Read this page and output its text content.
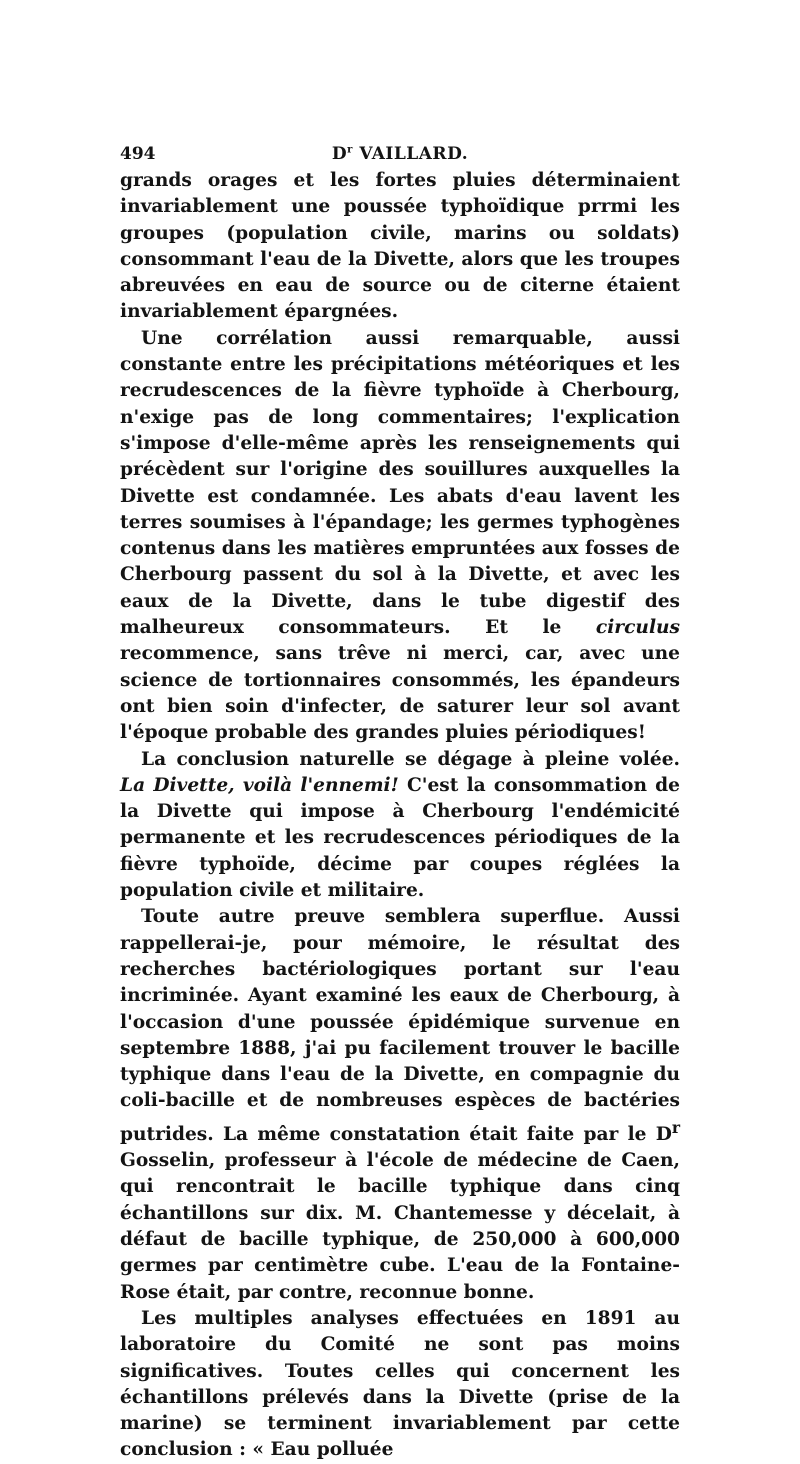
494	$D^r$ VAILLARD.

grands orages et les fortes pluies déterminaient invariablement une poussée typhoïdique prrmi les groupes (population civile, marins ou soldats) consommant l'eau de la Divette, alors que les troupes abreuvées en eau de source ou de citerne étaient invariablement épargnées.

Une corrélation aussi remarquable, aussi constante entre les précipitations météoriques et les recrudescences de la fièvre typhoïde à Cherbourg, n'exige pas de long commentaires; l'explication s'impose d'elle-même après les renseignements qui précèdent sur l'origine des souillures auxquelles la Divette est condamnée. Les abats d'eau lavent les terres soumises à l'épandage; les germes typhogènes contenus dans les matières empruntées aux fosses de Cherbourg passent du sol à la Divette, et avec les eaux de la Divette, dans le tube digestif des malheureux consommateurs. Et le circulus recommence, sans trêve ni merci, car, avec une science de tortionnaires consommés, les épandeurs ont bien soin d'infecter, de saturer leur sol avant l'époque probable des grandes pluies périodiques!

La conclusion naturelle se dégage à pleine volée. La Divette, voilà l'ennemi! C'est la consommation de la Divette qui impose à Cherbourg l'endémicité permanente et les recrudescences périodiques de la fièvre typhoïde, décime par coupes réglées la population civile et militaire.

Toute autre preuve semblera superflue. Aussi rappellerai-je, pour mémoire, le résultat des recherches bactériologiques portant sur l'eau incriminée. Ayant examiné les eaux de Cherbourg, à l'occasion d'une poussée épidémique survenue en septembre 1888, j'ai pu facilement trouver le bacille typhique dans l'eau de la Divette, en compagnie du coli-bacille et de nombreuses espèces de bactéries putrides. La même constatation était faite par le $D^r$ Gosselin, professeur à l'école de médecine de Caen, qui rencontrait le bacille typhique dans cinq échantillons sur dix. M. Chantemesse y décelait, à défaut de bacille typhique, de 250,000 à 600,000 germes par centimètre cube. L'eau de la Fontaine-Rose était, par contre, reconnue bonne.

Les multiples analyses effectuées en 1891 au laboratoire du Comité ne sont pas moins significatives. Toutes celles qui concernent les échantillons prélevés dans la Divette (prise de la marine) se terminent invariablement par cette conclusion : « Eau polluée
